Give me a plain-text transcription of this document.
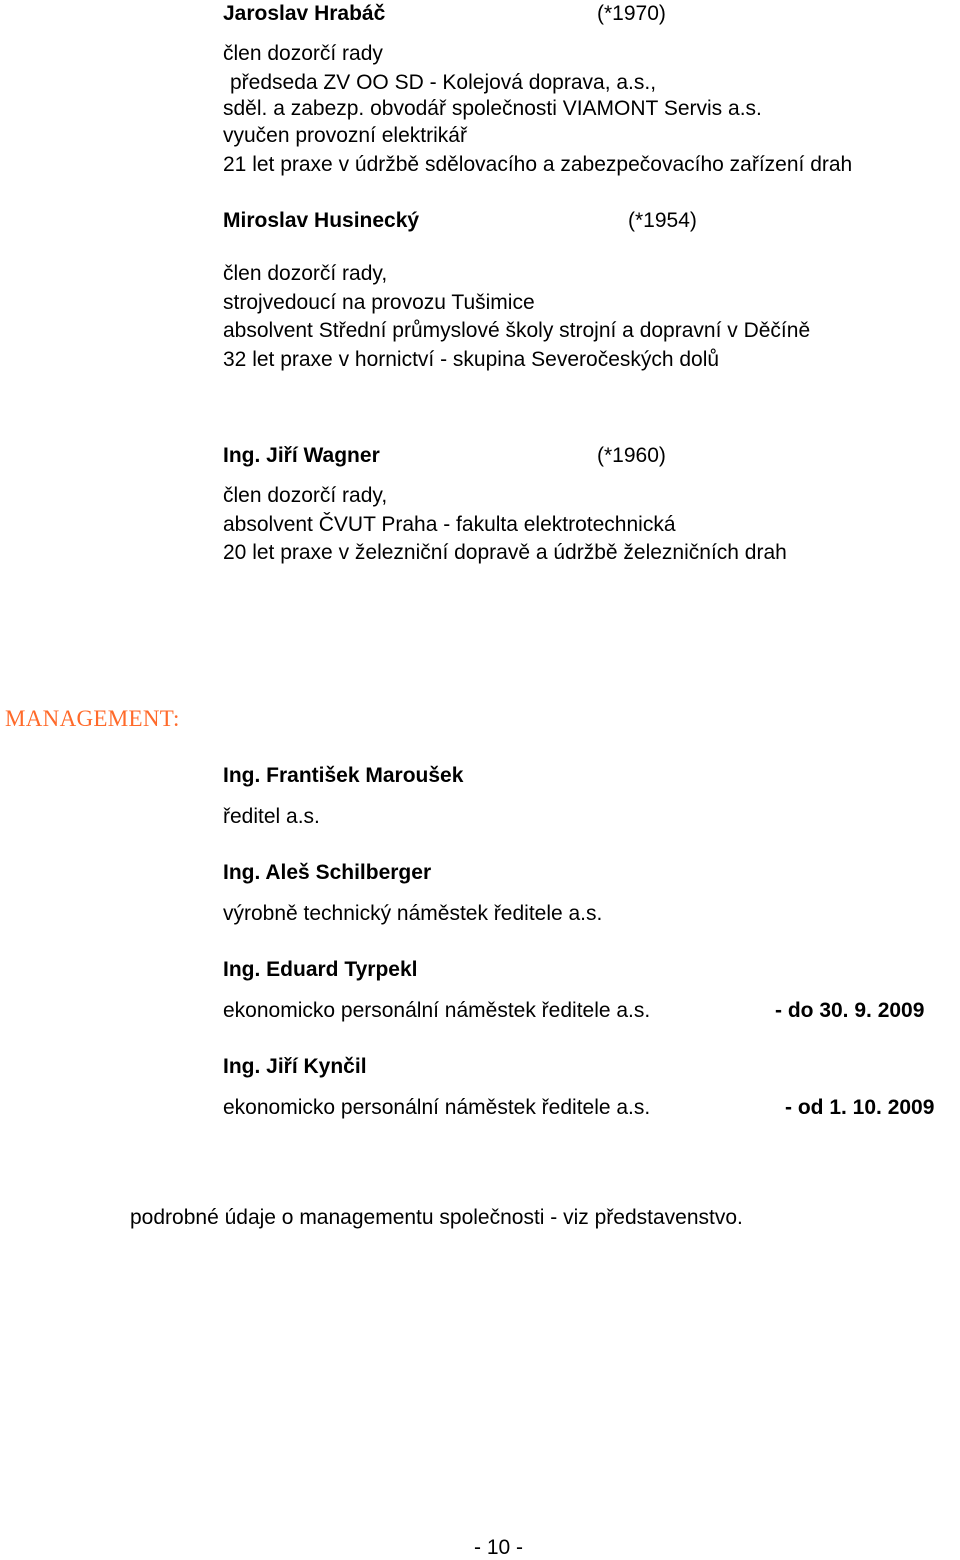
Jaroslav Hrabáč	(*1970)
člen dozorčí rady
předseda ZV OO SD - Kolejová doprava, a.s.,
sděl. a zabezp. obvodář společnosti VIAMONT Servis a.s.
vyučen provozní elektrikář
21 let praxe v údržbě sdělovacího a zabezpečovacího zařízení drah
Miroslav Husinecký	(*1954)
člen dozorčí rady,
strojvedoucí na provozu Tušimice
absolvent Střední průmyslové školy strojní a dopravní v Děčíně
32 let praxe v hornictví - skupina Severočeských dolů
Ing. Jiří Wagner	(*1960)
člen dozorčí rady,
absolvent ČVUT Praha - fakulta elektrotechnická
20 let praxe v železniční dopravě a údržbě železničních drah
MANAGEMENT:
Ing. František Maroušek
ředitel a.s.
Ing. Aleš Schilberger
výrobně technický náměstek ředitele a.s.
Ing. Eduard Tyrpekl
ekonomicko personální náměstek ředitele a.s.	- do 30. 9. 2009
Ing. Jiří Kynčil
ekonomicko personální náměstek ředitele a.s.	- od 1. 10. 2009
podrobné údaje o managementu společnosti - viz představenstvo.
- 10 -
